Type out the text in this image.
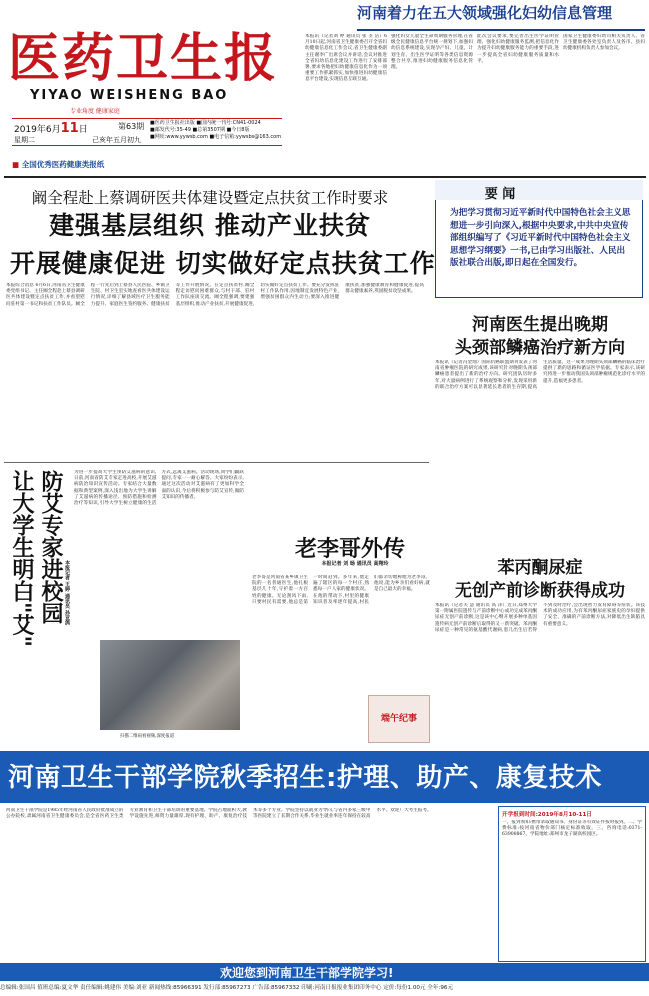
医药卫生报
YIYAO WEISHENG BAO
专业角度 健康家庭
2019年6月11日	第63期
星期二	己亥年五月初九
■医药卫生报社出版 ■国内统一刊号:CN41-0024
■邮发代号:35-49 ■总第3507期 ■今日8版
■网址:www.yywsb.com ■电子信箱:yywsbs@163.com
■ 全国优秀医药健康类报纸
河南着力在五大领域强化妇幼信息管理
本报讯（记者刘 婷 通讯员 张 圣 洁）6月10日起,河南省卫生健康委召开全省妇幼健康信息化工作会议,省卫生健康委副主任谢李广出席会议并讲话,会议对推进全省妇幼信息化建设工作进行了安排部署,要求各地把妇幼健康信息化作为一项重要工作抓紧抓实,加快推进妇幼健康信息平台建设,实现信息互联互通。
强化妇女儿童全生命周期服务管理,在省级全民健康信息平台统一规划下,加强妇幼信息系统建设,实现孕产妇、儿童、计划生育、出生医学证明等各类信息资源整合共享,推进妇幼健康服务信息化管理。
此次会议要求,要完善出生医学证明管理、强化妇幼健康服务监测,把信息化作为提升妇幼健康服务能力的重要手段,进一步提高全省妇幼健康服务质量和水平。
国家卫生健康委妇幼司相关负责人、省卫生健康委各处室负责人及各市、县妇幼健康机构负责人参加会议。
阚全程赴上蔡调研医共体建设暨定点扶贫工作时要求
建强基层组织 推动产业扶贫
开展健康促进 切实做好定点扶贫工作
本报综合消息 6月6日,河南省卫生健康委党组书记、主任阚全程赴上蔡县调研医共体建设暨定点扶贫工作,并看望慰问驻村第一书记和扶贫工作队员。阚全程一行先后到上蔡县人民医院、乡镇卫生院、村卫生室实地查看医共体建设运行情况,详细了解县域医疗卫生服务能力提升、家庭医生签约服务、健康扶贫等工作开展情况。在定点扶贫村,阚全程走访慰问困难群众,与村干部、驻村工作队座谈交流。阚全程强调,要建强基层组织,推动产业扶贫,开展健康促进,切实做好定点扶贫工作。要充分发挥驻村工作队作用,因地制宜发展特色产业,增强贫困群众内生动力;要深入推进健康扶贫,加强健康教育和健康促进,提高群众健康素养,巩固脱贫攻坚成果。
要 闻
为把学习贯彻习近平新时代中国特色社会主义思想进一步引向深入,根据中央要求,中共中央宣传部组织编写了《习近平新时代中国特色社会主义思想学习纲要》一书,已由学习出版社、人民出版社联合出版,即日起在全国发行。
河南医生提出晚期
头颈部鳞癌治疗新方向
本报讯（记者冯金灿）国际抗癌联盟期刊发表了河南省肿瘤医院的研究成果,该研究针对晚期头颈部鳞癌患者提出了新的治疗方向。研究团队历时多年,对大量病例进行了系统观察和分析,发现采用新的联合治疗方案可以显著延长患者的生存期,提高生活质量。这一成果为晚期头颈部鳞癌的临床治疗提供了新的思路和循证医学依据。专家表示,该研究将进一步推动我国头颈部肿瘤规范化诊疗水平的提升,造福更多患者。
防艾专家进校园
让大学生明白"艾"	本报记者 王婷 通讯员 孙亚鸽
为进一步提高大学生预防艾滋病的意识,日前,河南省防艾专家走进高校,开展艾滋病防治知识宣传活动。专家结合大量数据和典型案例,深入浅出地为大学生讲解了艾滋病的传播途径、预防措施和检测治疗等知识,引导大学生树立健康的生活方式,远离艾滋病。活动现场,同学们踊跃提问,专家一一耐心解答。大家纷纷表示,通过这次活动对艾滋病有了更加科学全面的认识,今后将积极参与防艾宣传,做防艾知识的传播者。
扫描二维码看视频,深度报道
老李哥外传
本报记者 刘 旸 通讯员 高翔玲
老李哥是河南省某乡镇卫生院的一名普通医生,他扎根基层几十年,守护着一方百姓的健康。无论刮风下雨,只要村民有需要,他总是第一时间赶到。多年来,他走遍了辖区的每一个村庄,熟悉每一户人家的健康状况。在他的带动下,村里的健康知识普及率逐年提高,村民们都亲切地称他为老李哥。他说,能为乡亲们看好病,就是自己最大的幸福。
端午纪事
苯丙酮尿症
无创产前诊断获得成功
本报讯（记者关 慧 通讯员 高 泽）近日,郑州大学第一附属医院遗传与产前诊断中心成功完成苯丙酮尿症无创产前诊断,这是该中心继开展多种单基因遗传病无创产前诊断后取得的又一新突破。苯丙酮尿症是一种常见的氨基酸代谢病,患儿出生后若得不到及时治疗,会出现智力发育障碍等症状。该技术的成功应用,为有苯丙酮尿症家族史的孕妇提供了安全、准确的产前诊断方法,对降低出生缺陷具有重要意义。
河南卫生干部学院秋季招生:护理、助产、康复技术
河南卫生干部学院是1985年经河南省人民政府批准成立的公办院校,隶属河南省卫生健康委员会,是全省医药卫生类专业教育和卫生干部培训的重要基地。学院占地面积大,教学设施先进,师资力量雄厚,现有护理、助产、康复治疗技术等多个专业。学院坚持以就业为导向,与省内多家三级甲等医院建立了长期合作关系,毕业生就业率连年保持在较高水平。欢迎广大考生报考。
开学报到时间:2019年8月10-11日
一、报到须知:携带录取通知书、身份证等有效证件按时报到。二、学费标准:按河南省物价部门核定标准收取。三、咨询电话:0371-63908867。学院地址:郑州市龙子湖高校园区。
欢迎您到河南卫生干部学院学习!
总编辑:张国昌 值班总编:夏文华 责任编辑:姚建伟 美编:刘亚 新闻热线:85966391 发行部:85967273 广告部:85967332 印刷:河南日报报业集团印务中心 定价:每份1.00元 全年:96元
